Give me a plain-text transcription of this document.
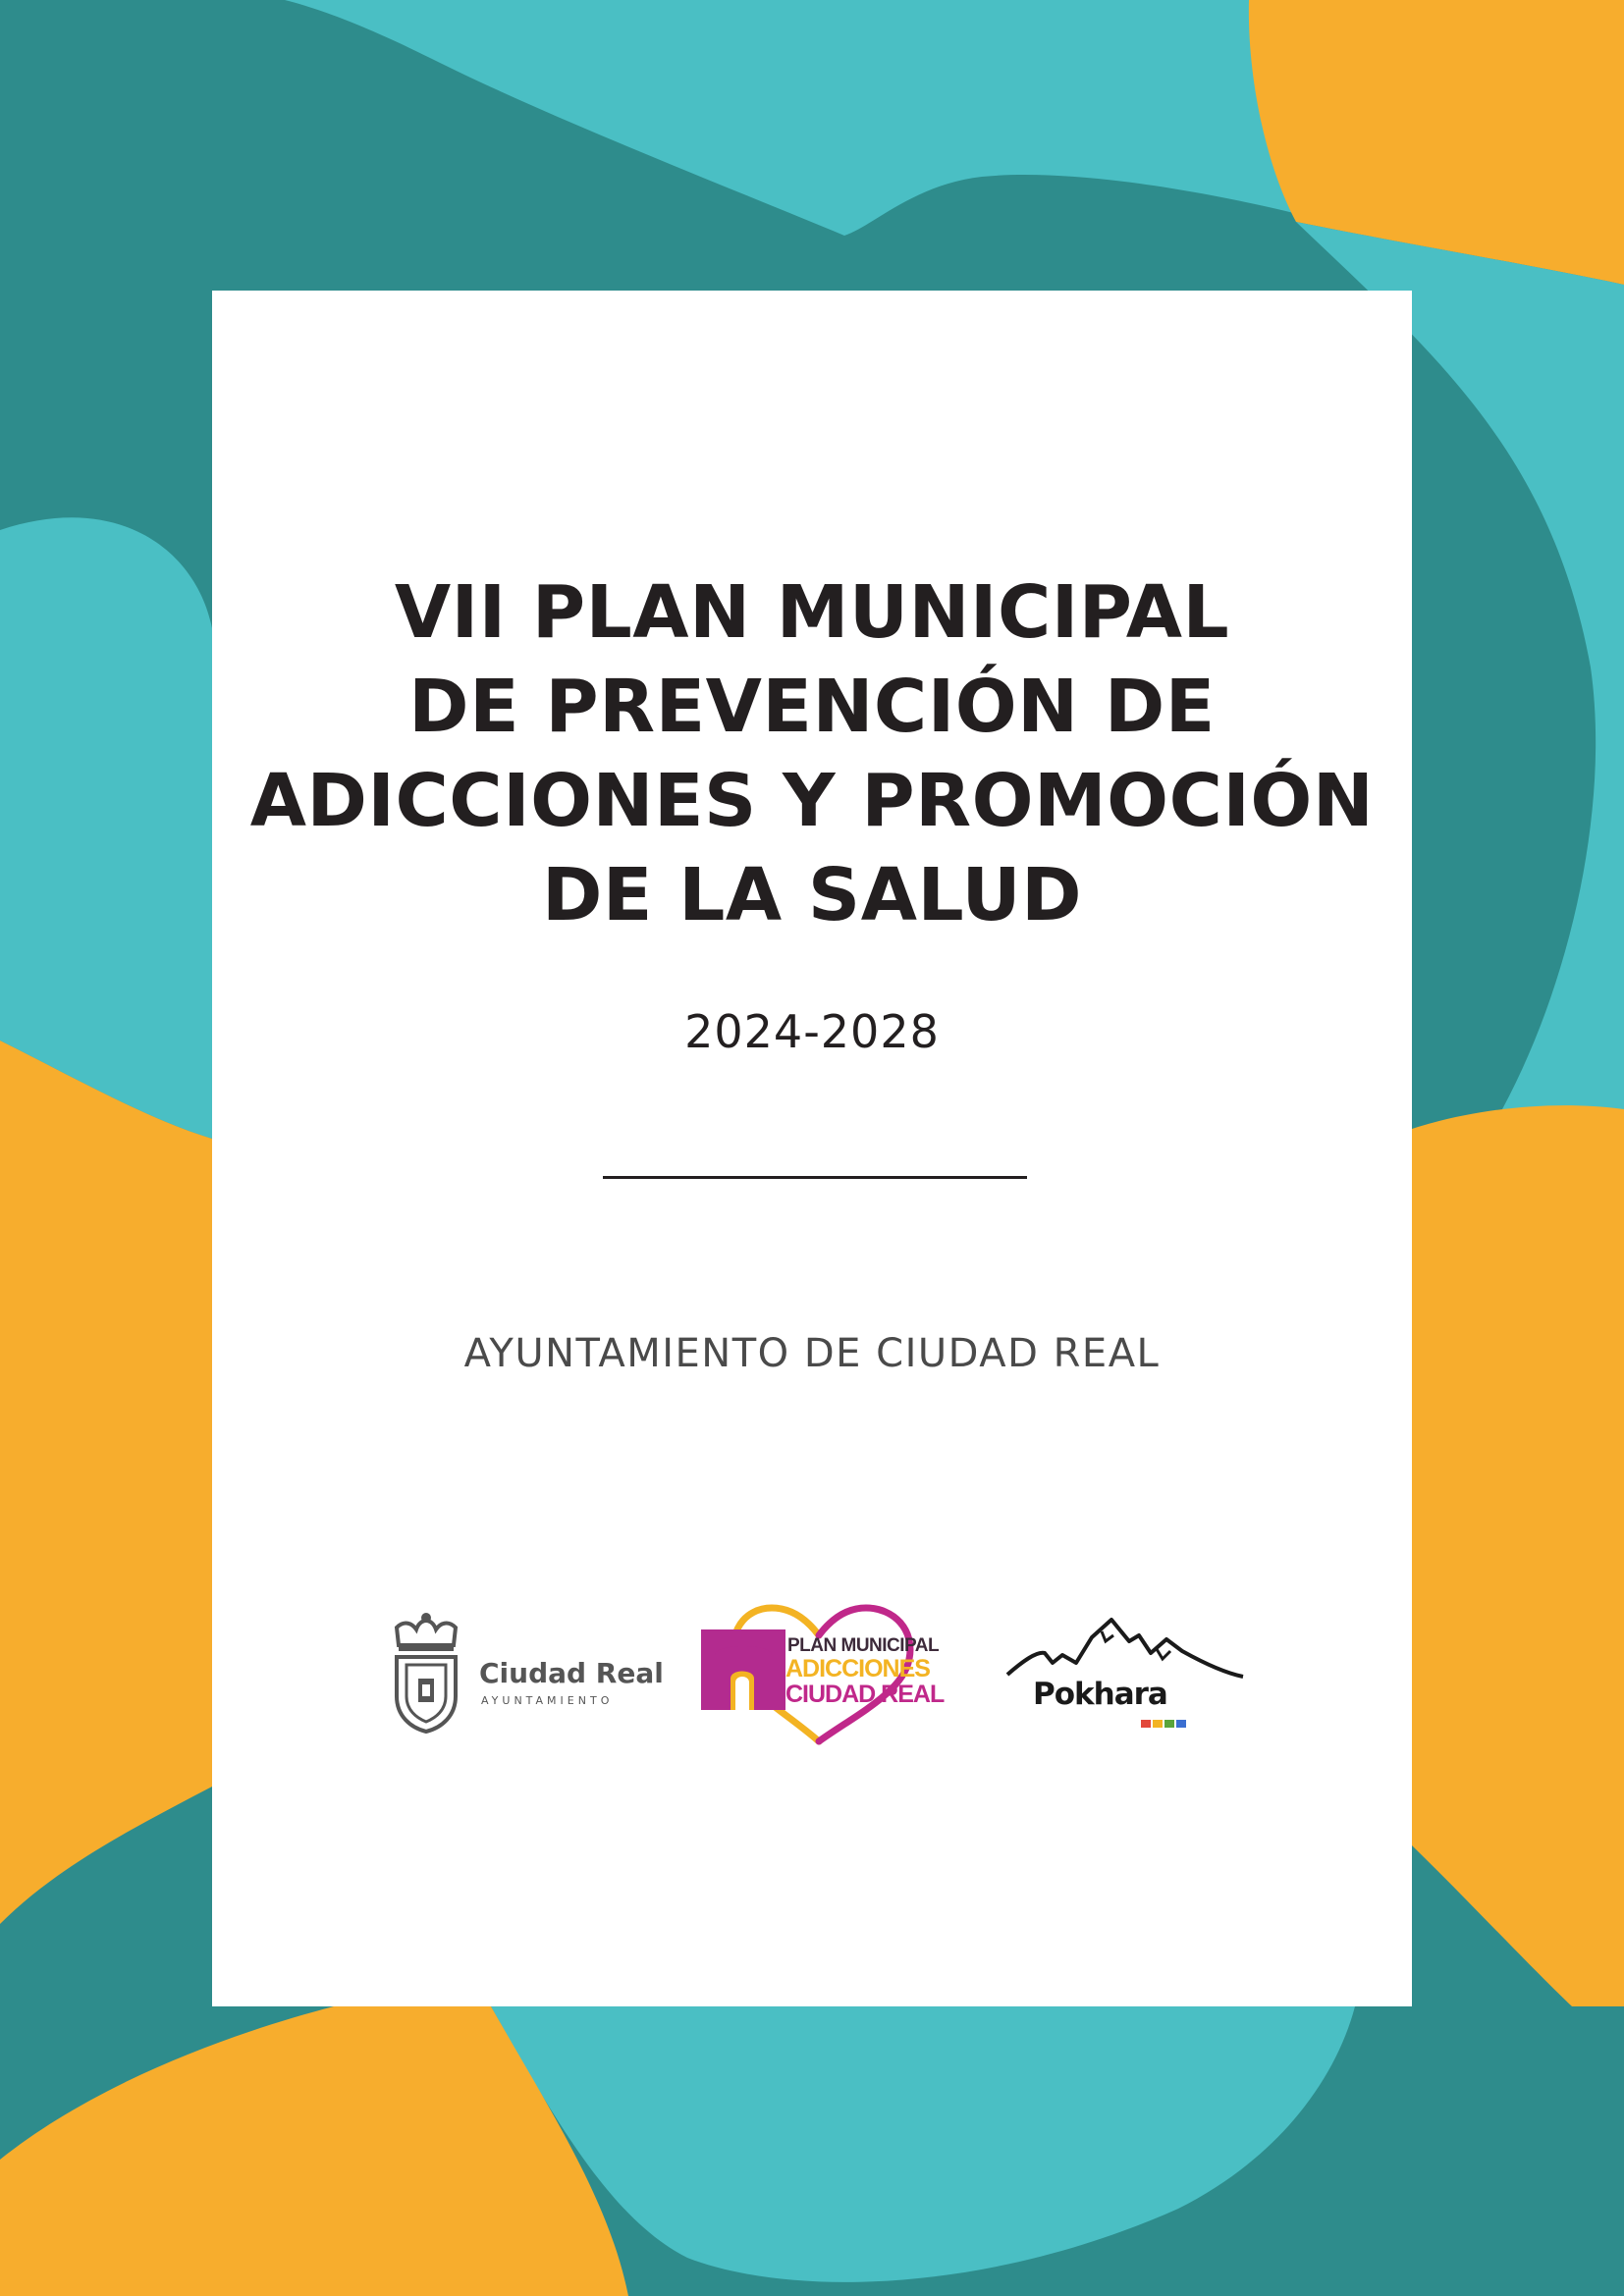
VII PLAN MUNICIPAL
DE PREVENCIÓN DE
ADICCIONES Y PROMOCIÓN
DE LA SALUD
2024-2028
AYUNTAMIENTO DE CIUDAD REAL
Ciudad Real
AYUNTAMIENTO
PLAN MUNICIPAL
ADICCIONES
CIUDAD REAL	Pokhara
